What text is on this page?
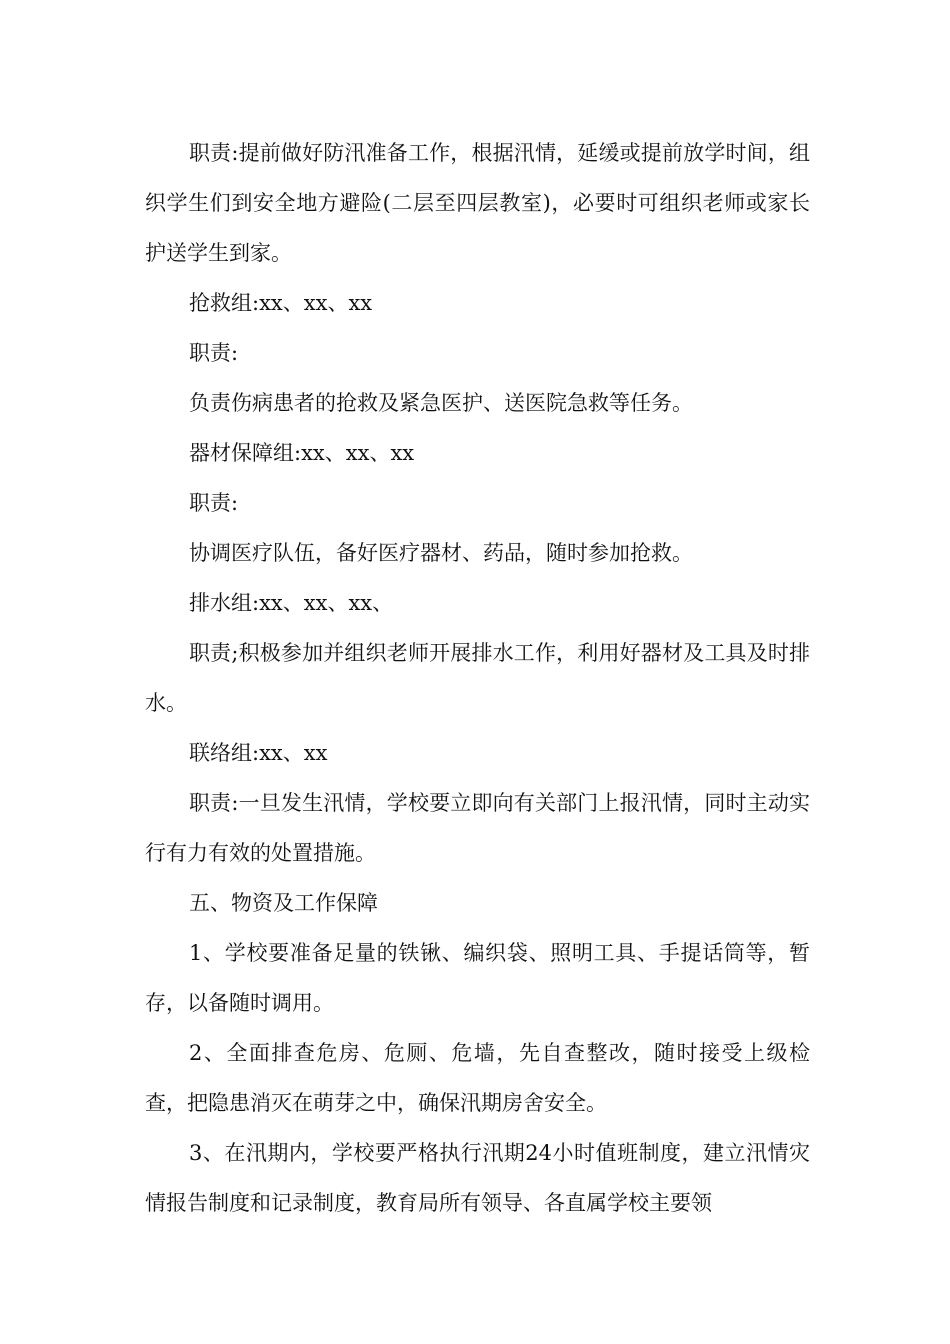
职责:提前做好防汛准备工作，根据汛情，延缓或提前放学时间，组织学生们到安全地方避险(二层至四层教室)，必要时可组织老师或家长护送学生到家。

抢救组:xx、xx、xx

职责:

负责伤病患者的抢救及紧急医护、送医院急救等任务。

器材保障组:xx、xx、xx

职责:

协调医疗队伍，备好医疗器材、药品，随时参加抢救。

排水组:xx、xx、xx、

职责;积极参加并组织老师开展排水工作，利用好器材及工具及时排水。

联络组:xx、xx

职责:一旦发生汛情，学校要立即向有关部门上报汛情，同时主动实行有力有效的处置措施。

五、物资及工作保障

1、学校要准备足量的铁锹、编织袋、照明工具、手提话筒等，暂存，以备随时调用。

2、全面排查危房、危厕、危墙，先自查整改，随时接受上级检查，把隐患消灭在萌芽之中，确保汛期房舍安全。

3、在汛期内，学校要严格执行汛期24小时值班制度，建立汛情灾情报告制度和记录制度，教育局所有领导、各直属学校主要领
